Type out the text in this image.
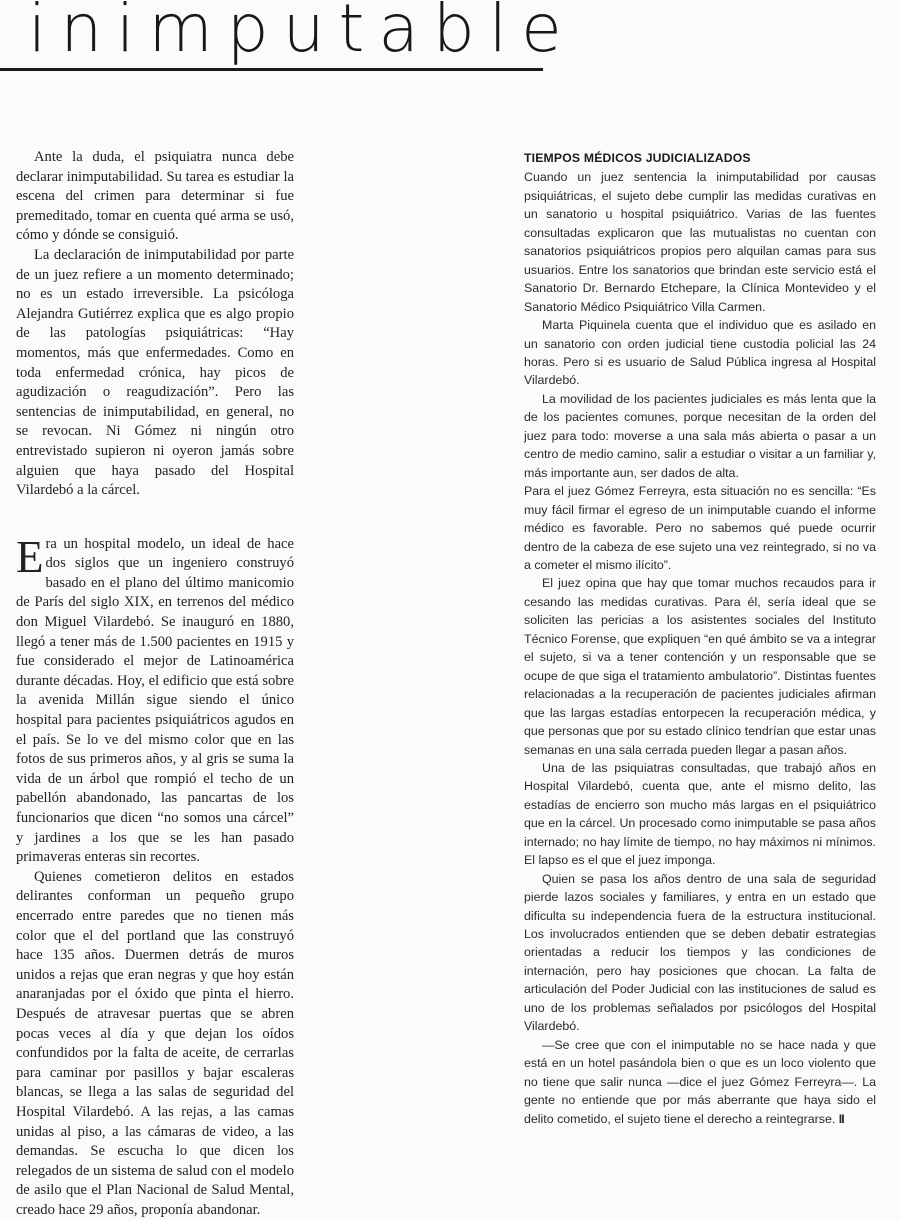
inimputable

Ante la duda, el psiquiatra nunca debe declarar inimputabilidad. Su tarea es estudiar la escena del crimen para determinar si fue premeditado, tomar en cuenta qué arma se usó, cómo y dónde se consiguió.

La declaración de inimputabilidad por parte de un juez refiere a un momento determinado; no es un estado irreversible. La psicóloga Alejandra Gutiérrez explica que es algo propio de las patologías psiquiátricas: “Hay momentos, más que enfermedades. Como en toda enfermedad crónica, hay picos de agudización o reagudización”. Pero las sentencias de inimputabilidad, en general, no se revocan. Ni Gómez ni ningún otro entrevistado supieron ni oyeron jamás sobre alguien que haya pasado del Hospital Vilardebó a la cárcel.

Era un hospital modelo, un ideal de hace dos siglos que un ingeniero construyó basado en el plano del último manicomio de París del siglo XIX, en terrenos del médico don Miguel Vilardebó. Se inauguró en 1880, llegó a tener más de 1.500 pacientes en 1915 y fue considerado el mejor de Latinoamérica durante décadas. Hoy, el edificio que está sobre la avenida Millán sigue siendo el único hospital para pacientes psiquiátricos agudos en el país. Se lo ve del mismo color que en las fotos de sus primeros años, y al gris se suma la vida de un árbol que rompió el techo de un pabellón abandonado, las pancartas de los funcionarios que dicen “no somos una cárcel” y jardines a los que se les han pasado primaveras enteras sin recortes.

Quienes cometieron delitos en estados delirantes conforman un pequeño grupo encerrado entre paredes que no tienen más color que el del portland que las construyó hace 135 años. Duermen detrás de muros unidos a rejas que eran negras y que hoy están anaranjadas por el óxido que pinta el hierro. Después de atravesar puertas que se abren pocas veces al día y que dejan los oídos confundidos por la falta de aceite, de cerrarlas para caminar por pasillos y bajar escaleras blancas, se llega a las salas de seguridad del Hospital Vilardebó. A las rejas, a las camas unidas al piso, a las cámaras de video, a las demandas. Se escucha lo que dicen los relegados de un sistema de salud con el modelo de asilo que el Plan Nacional de Salud Mental, creado hace 29 años, proponía abandonar.

TIEMPOS MÉDICOS JUDICIALIZADOS

Cuando un juez sentencia la inimputabilidad por causas psiquiátricas, el sujeto debe cumplir las medidas curativas en un sanatorio u hospital psiquiátrico. Varias de las fuentes consultadas explicaron que las mutualistas no cuentan con sanatorios psiquiátricos propios pero alquilan camas para sus usuarios. Entre los sanatorios que brindan este servicio está el Sanatorio Dr. Bernardo Etchepare, la Clínica Montevideo y el Sanatorio Médico Psiquiátrico Villa Carmen.

Marta Piquinela cuenta que el individuo que es asilado en un sanatorio con orden judicial tiene custodia policial las 24 horas. Pero si es usuario de Salud Pública ingresa al Hospital Vilardebó.

La movilidad de los pacientes judiciales es más lenta que la de los pacientes comunes, porque necesitan de la orden del juez para todo: moverse a una sala más abierta o pasar a un centro de medio camino, salir a estudiar o visitar a un familiar y, más importante aun, ser dados de alta.

Para el juez Gómez Ferreyra, esta situación no es sencilla: “Es muy fácil firmar el egreso de un inimputable cuando el informe médico es favorable. Pero no sabemos qué puede ocurrir dentro de la cabeza de ese sujeto una vez reintegrado, si no va a cometer el mismo ilícito”.

El juez opina que hay que tomar muchos recaudos para ir cesando las medidas curativas. Para él, sería ideal que se soliciten las pericias a los asistentes sociales del Instituto Técnico Forense, que expliquen “en qué ámbito se va a integrar el sujeto, si va a tener contención y un responsable que se ocupe de que siga el tratamiento ambulatorio”. Distintas fuentes relacionadas a la recuperación de pacientes judiciales afirman que las largas estadías entorpecen la recuperación médica, y que personas que por su estado clínico tendrían que estar unas semanas en una sala cerrada pueden llegar a pasan años.

Una de las psiquiatras consultadas, que trabajó años en Hospital Vilardebó, cuenta que, ante el mismo delito, las estadías de encierro son mucho más largas en el psiquiátrico que en la cárcel. Un procesado como inimputable se pasa años internado; no hay límite de tiempo, no hay máximos ni mínimos. El lapso es el que el juez imponga.

Quien se pasa los años dentro de una sala de seguridad pierde lazos sociales y familiares, y entra en un estado que dificulta su independencia fuera de la estructura institucional. Los involucrados entienden que se deben debatir estrategias orientadas a reducir los tiempos y las condiciones de internación, pero hay posiciones que chocan. La falta de articulación del Poder Judicial con las instituciones de salud es uno de los problemas señalados por psicólogos del Hospital Vilardebó.

—Se cree que con el inimputable no se hace nada y que está en un hotel pasándola bien o que es un loco violento que no tiene que salir nunca —dice el juez Gómez Ferreyra—. La gente no entiende que por más aberrante que haya sido el delito cometido, el sujeto tiene el derecho a reintegrarse. II
